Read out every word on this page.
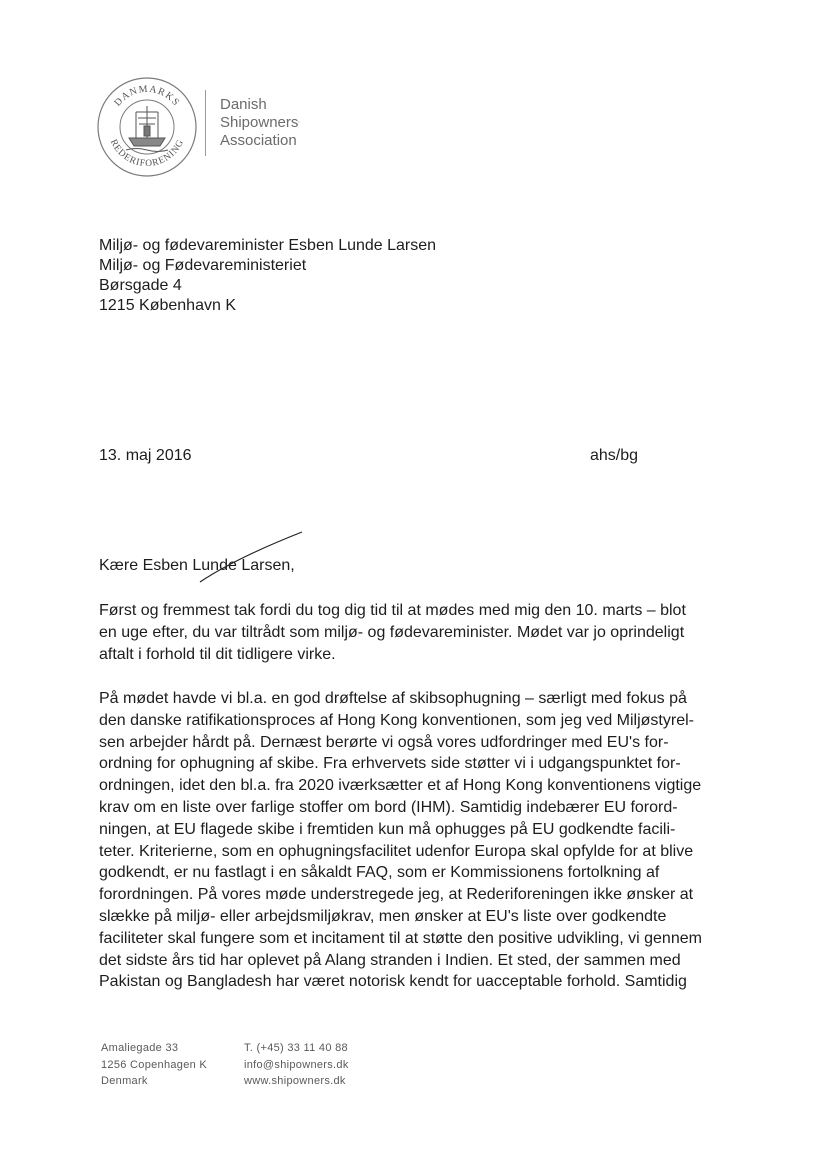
DANMARKS
REDERIFORENING
Danish
Shipowners'
Association
Miljø- og fødevareminister Esben Lunde Larsen
Miljø- og Fødevareministeriet
Børsgade 4
1215 København K
13. maj 2016	ahs/bg
Kære Esben Lunde Larsen,
Først og fremmest tak fordi du tog dig tid til at mødes med mig den 10. marts – blot
en uge efter, du var tiltrådt som miljø- og fødevareminister. Mødet var jo oprindeligt
aftalt i forhold til dit tidligere virke.
På mødet havde vi bl.a. en god drøftelse af skibsophugning – særligt med fokus på
den danske ratifikationsproces af Hong Kong konventionen, som jeg ved Miljøstyrel-
sen arbejder hårdt på. Dernæst berørte vi også vores udfordringer med EU's for-
ordning for ophugning af skibe. Fra erhvervets side støtter vi i udgangspunktet for-
ordningen, idet den bl.a. fra 2020 iværksætter et af Hong Kong konventionens vigtige
krav om en liste over farlige stoffer om bord (IHM). Samtidig indebærer EU forord-
ningen, at EU flagede skibe i fremtiden kun må ophugges på EU godkendte facili-
teter. Kriterierne, som en ophugningsfacilitet udenfor Europa skal opfylde for at blive
godkendt, er nu fastlagt i en såkaldt FAQ, som er Kommissionens fortolkning af
forordningen. På vores møde understregede jeg, at Rederiforeningen ikke ønsker at
slække på miljø- eller arbejdsmiljøkrav, men ønsker at EU's liste over godkendte
faciliteter skal fungere som et incitament til at støtte den positive udvikling, vi gennem
det sidste års tid har oplevet på Alang stranden i Indien. Et sted, der sammen med
Pakistan og Bangladesh har været notorisk kendt for uacceptable forhold. Samtidig
Amaliegade 33
1256 Copenhagen K
Denmark
T. (+45) 33 11 40 88
info@shipowners.dk
www.shipowners.dk
